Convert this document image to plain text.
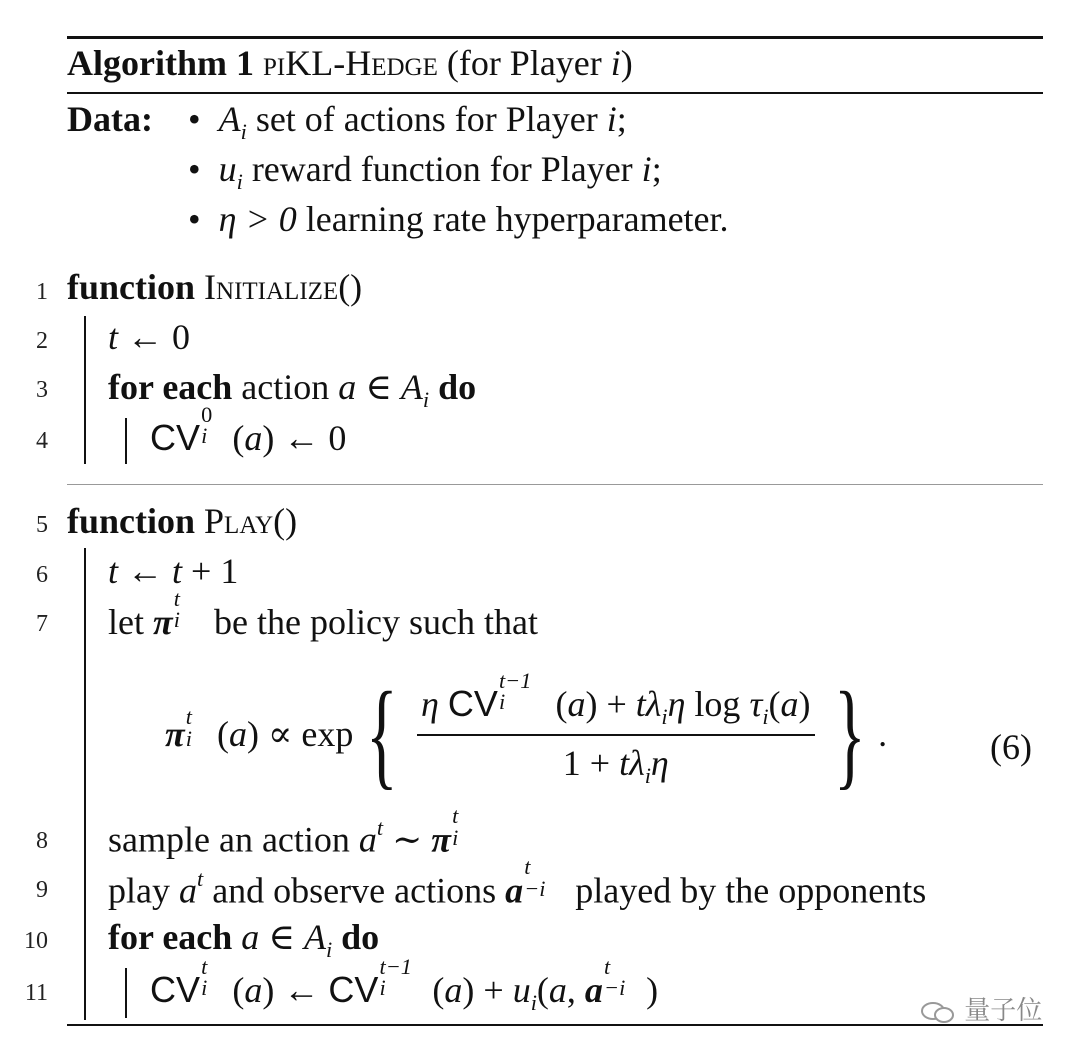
Algorithm 1 piKL-Hedge (for Player i)
Data: •  $A_i$ set of actions for Player i;
•  $u_i$ reward function for Player i;
•  η > 0 learning rate hyperparameter.
1
2
3
4
5
6
7
8
9
10
11
function Initialize()
t ← 0
for each action a ∈ $A_i$ do
CV
0
i (a) ← 0
function Play()
t ← t + 1
let π
t
i be the policy such that
π t
i ( a ) ∝ exp { η CV
t−1
i $(a) + t\lambda_i\eta$ $\log \tau_i(a)$
$1 + t\lambda_i\eta$ } .	(6)
sample an action $a^t$ ∼ π
t
i
play $a^t$ and observe actions a
t
−i played by the opponents
for each a ∈ $A_i$ do
CV
t
i (a) ← CV
t−1
i $(a) + u_i(a$, a
t
−i )
量子位
